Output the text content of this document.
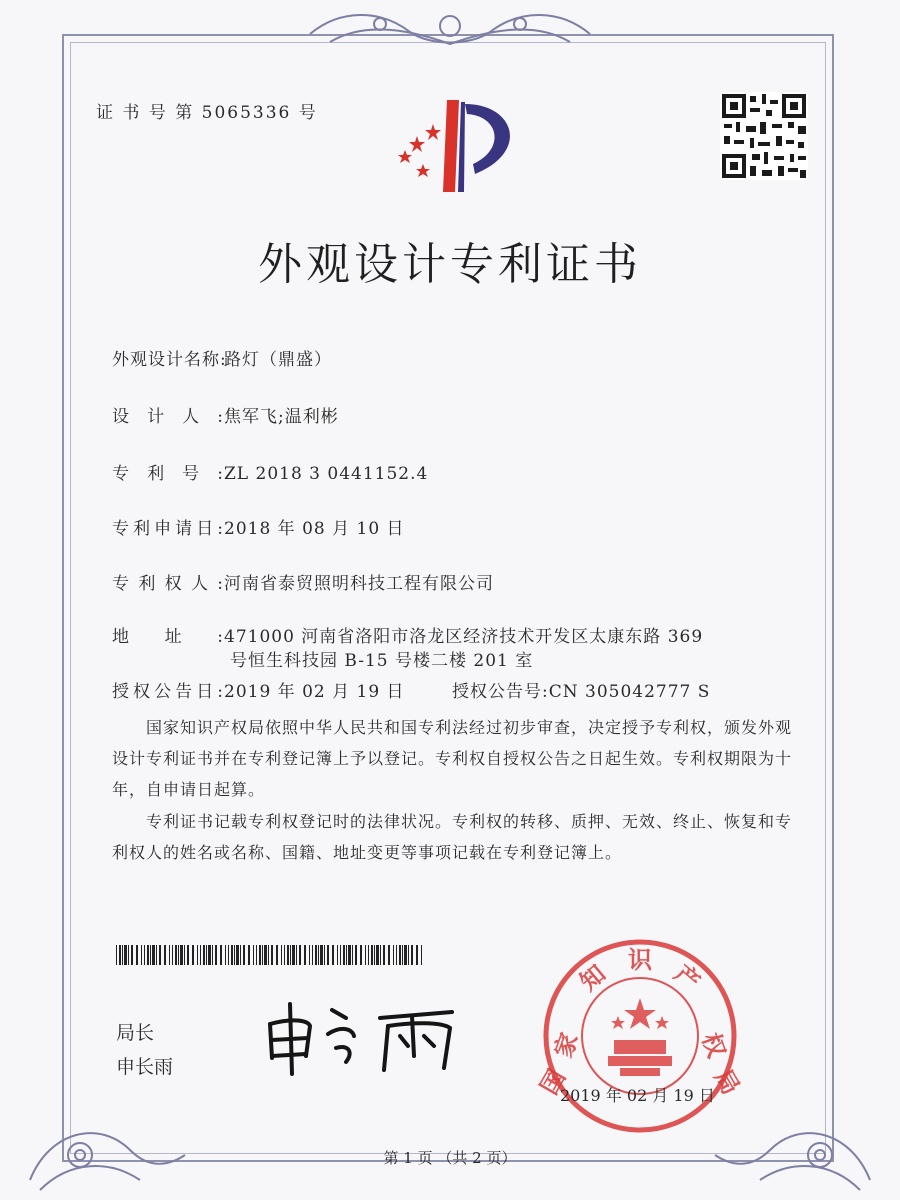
证 书 号 第 5065336 号
外观设计专利证书
外观设计名称:路灯（鼎盛）
设计人:焦军飞;温利彬
专利号:ZL 2018 3 0441152.4
专利申请日:2018 年 08 月 10 日
专利权人:河南省泰贸照明科技工程有限公司
地址:471000 河南省洛阳市洛龙区经济技术开发区太康东路 369
号恒生科技园 B-15 号楼二楼 201 室
授权公告日:2019 年 02 月 19 日	授权公告号:CN 305042777 S
国家知识产权局依照中华人民共和国专利法经过初步审查，决定授予专利权，颁发外观设计专利证书并在专利登记簿上予以登记。专利权自授权公告之日起生效。专利权期限为十年，自申请日起算。
专利证书记载专利权登记时的法律状况。专利权的转移、质押、无效、终止、恢复和专利权人的姓名或名称、国籍、地址变更等事项记载在专利登记簿上。
局长
申长雨
家
国
知 识 产
权
局
2019 年 02 月 19 日
第 1 页 （共 2 页）
